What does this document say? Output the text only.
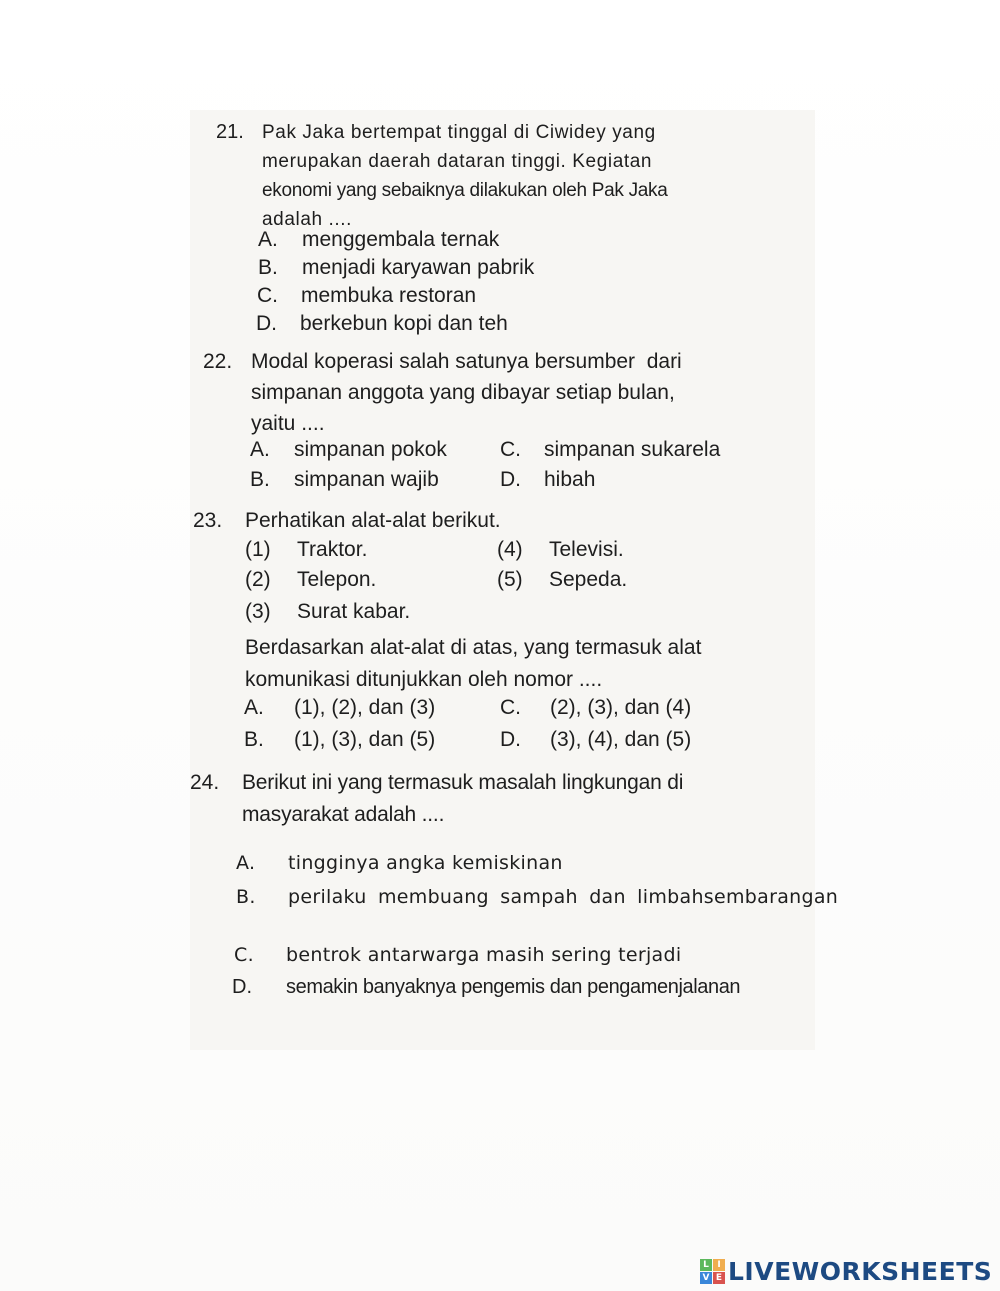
21. Pak Jaka bertempat tinggal di Ciwidey yang
merupakan daerah dataran tinggi. Kegiatan
ekonomi yang sebaiknya dilakukan oleh Pak Jaka
adalah ....
A. menggembala ternak
B. menjadi karyawan pabrik
C. membuka restoran
D. berkebun kopi dan teh
22. Modal koperasi salah satunya bersumber  dari
simpanan anggota yang dibayar setiap bulan,
yaitu ....
A. simpanan pokok
B. simpanan wajib
C. simpanan sukarela
D. hibah
23. Perhatikan alat-alat berikut.
(1) Traktor.
(2) Telepon.
(3) Surat kabar.
(4) Televisi.
(5) Sepeda.
Berdasarkan alat-alat di atas, yang termasuk alat
komunikasi ditunjukkan oleh nomor ....
A. (1), (2), dan (3)
B. (1), (3), dan (5)
C. (2), (3), dan (4)
D. (3), (4), dan (5)
24. Berikut ini yang termasuk masalah lingkungan di
masyarakat adalah ....
A. tingginya angka kemiskinan
B. perilaku membuang sampah dan limbahsembarangan
C. bentrok antarwarga masih sering terjadi
D. semakin banyaknya pengemis dan pengamenjalanan
L I
V E LIVEWORKSHEETS
